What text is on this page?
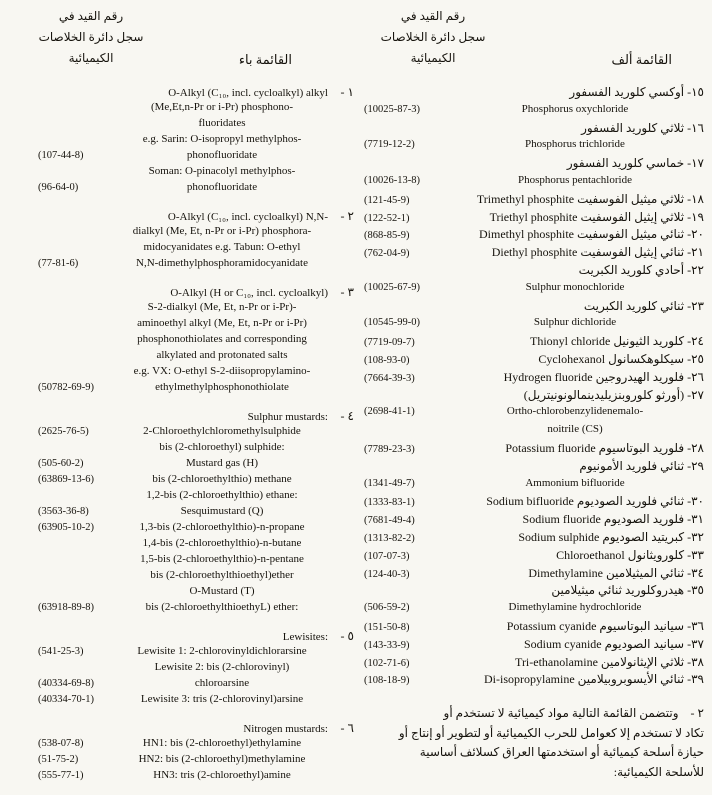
القائمة ألف
رقم القيد في
سجل دائرة الخلاصات
الكيميائية
١٥- أوكسي كلوريد الفسفور
(10025-87-3)	Phosphorus oxychloride
١٦- ثلاثي كلوريد الفسفور
(7719-12-2)	Phosphorus trichloride
١٧- خماسي كلوريد الفسفور
(10026-13-8)	Phosphorus pentachloride
(121-45-9)	١٨- ثلاثي ميثيل الفوسفيت Trimethyl phosphite
(122-52-1)	١٩- ثلاثي إيثيل الفوسفيت Triethyl phosphite
(868-85-9)	٢٠- ثنائي ميثيل الفوسفيت Dimethyl phosphite
(762-04-9)	٢١- ثنائي إيثيل الفوسفيت Diethyl phosphite
٢٢- أحادي كلوريد الكبريت
(10025-67-9)	Sulphur monochloride
٢٣- ثنائي كلوريد الكبريت
(10545-99-0)	Sulphur dichloride
(7719-09-7)	٢٤- كلوريد الثيونيل Thionyl chloride
(108-93-0)	٢٥- سيكلوهكسانول Cyclohexanol
(7664-39-3)	٢٦- فلوريد الهيدروجين Hydrogen fluoride
٢٧- (أورثو كلوروبنزيليدينمالونونيتريل)
(2698-41-1)	Ortho-chlorobenzylidenemalo-
noitrile (CS)
(7789-23-3)	٢٨- فلوريد البوتاسيوم Potassium fluoride
٢٩- ثنائي فلوريد الأمونيوم
(1341-49-7)	Ammonium bifluoride
(1333-83-1)	٣٠- ثنائي فلوريد الصوديوم Sodium bifluoride
(7681-49-4)	٣١- فلوريد الصوديوم Sodium fluoride
(1313-82-2)	٣٢- كبريتيد الصوديوم Sodium sulphide
(107-07-3)	٣٣- كلورويثانول Chloroethanol
(124-40-3)	٣٤- ثنائي الميثيلامين Dimethylamine
٣٥- هيدروكلوريد ثنائي ميثيلامين
(506-59-2)	Dimethylamine hydrochloride
(151-50-8)	٣٦- سيانيد البوتاسيوم Potassium cyanide
(143-33-9)	٣٧- سيانيد الصوديوم Sodium cyanide
(102-71-6)	٣٨- ثلاثي الإيثانولامين Tri-ethanolamine
(108-18-9)	٣٩- ثنائي الأيسوبروبيلامين Di-isopropylamine
٢ -وتتضمن القائمة التالية مواد كيميائية لا تستخدم أو
تكاد لا تستخدم إلا كعوامل للحرب الكيميائية أو لتطوير أو إنتاج أو
حيازة أسلحة كيميائية أو استخدمتها العراق كسلائف أساسية
للأسلحة الكيميائية:
القائمة باء
رقم القيد في
سجل دائرة الخلاصات
الكيميائية
O-Alkyl (C₁₀, incl. cycloalkyl) alkyl	١ -
(Me,Et,n-Pr or i-Pr) phosphono-
fluoridates
e.g. Sarin: O-isopropyl methylphos-
(107-44-8)	phonofluoridate
Soman: O-pinacolyl methylphos-
(96-64-0)	phonofluoridate
O-Alkyl (C₁₀, incl. cycloalkyl) N,N-	٢ -
dialkyl (Me, Et, n-Pr or i-Pr) phosphora-
midocyanidates e.g. Tabun: O-ethyl
(77-81-6)	N,N-dimethylphosphoramidocyanidate
O-Alkyl (H or C₁₀, incl. cycloalkyl)	٣ -
S-2-dialkyl (Me, Et, n-Pr or i-Pr)-
aminoethyl alkyl (Me, Et, n-Pr or i-Pr)
phosphonothiolates and corresponding
alkylated and protonated salts
e.g. VX: O-ethyl S-2-diisopropylamino-
(50782-69-9)	ethylmethylphosphonothiolate
Sulphur mustards:	٤ -
(2625-76-5)	2-Chloroethylchloromethylsulphide
bis (2-chloroethyl) sulphide:
(505-60-2)	Mustard gas (H)
(63869-13-6)	bis (2-chloroethylthio) methane
1,2-bis (2-chloroethylthio) ethane:
(3563-36-8)	Sesquimustard (Q)
(63905-10-2)	1,3-bis (2-chloroethylthio)-n-propane
1,4-bis (2-chloroethylthio)-n-butane
1,5-bis (2-chloroethylthio)-n-pentane
bis (2-chloroethylthioethyl)ether
O-Mustard (T)
(63918-89-8)	bis (2-chloroethylthioethyL) ether:
Lewisites:	٥ -
(541-25-3)	Lewisite 1: 2-chlorovinyldichlorarsine
Lewisite 2: bis (2-chlorovinyl)
(40334-69-8)	chloroarsine
(40334-70-1)	Lewisite 3: tris (2-chlorovinyl)arsine
Nitrogen mustards:	٦ -
(538-07-8)	HN1: bis (2-chloroethyl)ethylamine
(51-75-2)	HN2: bis (2-chloroethyl)methylamine
(555-77-1)	HN3: tris (2-chloroethyl)amine
